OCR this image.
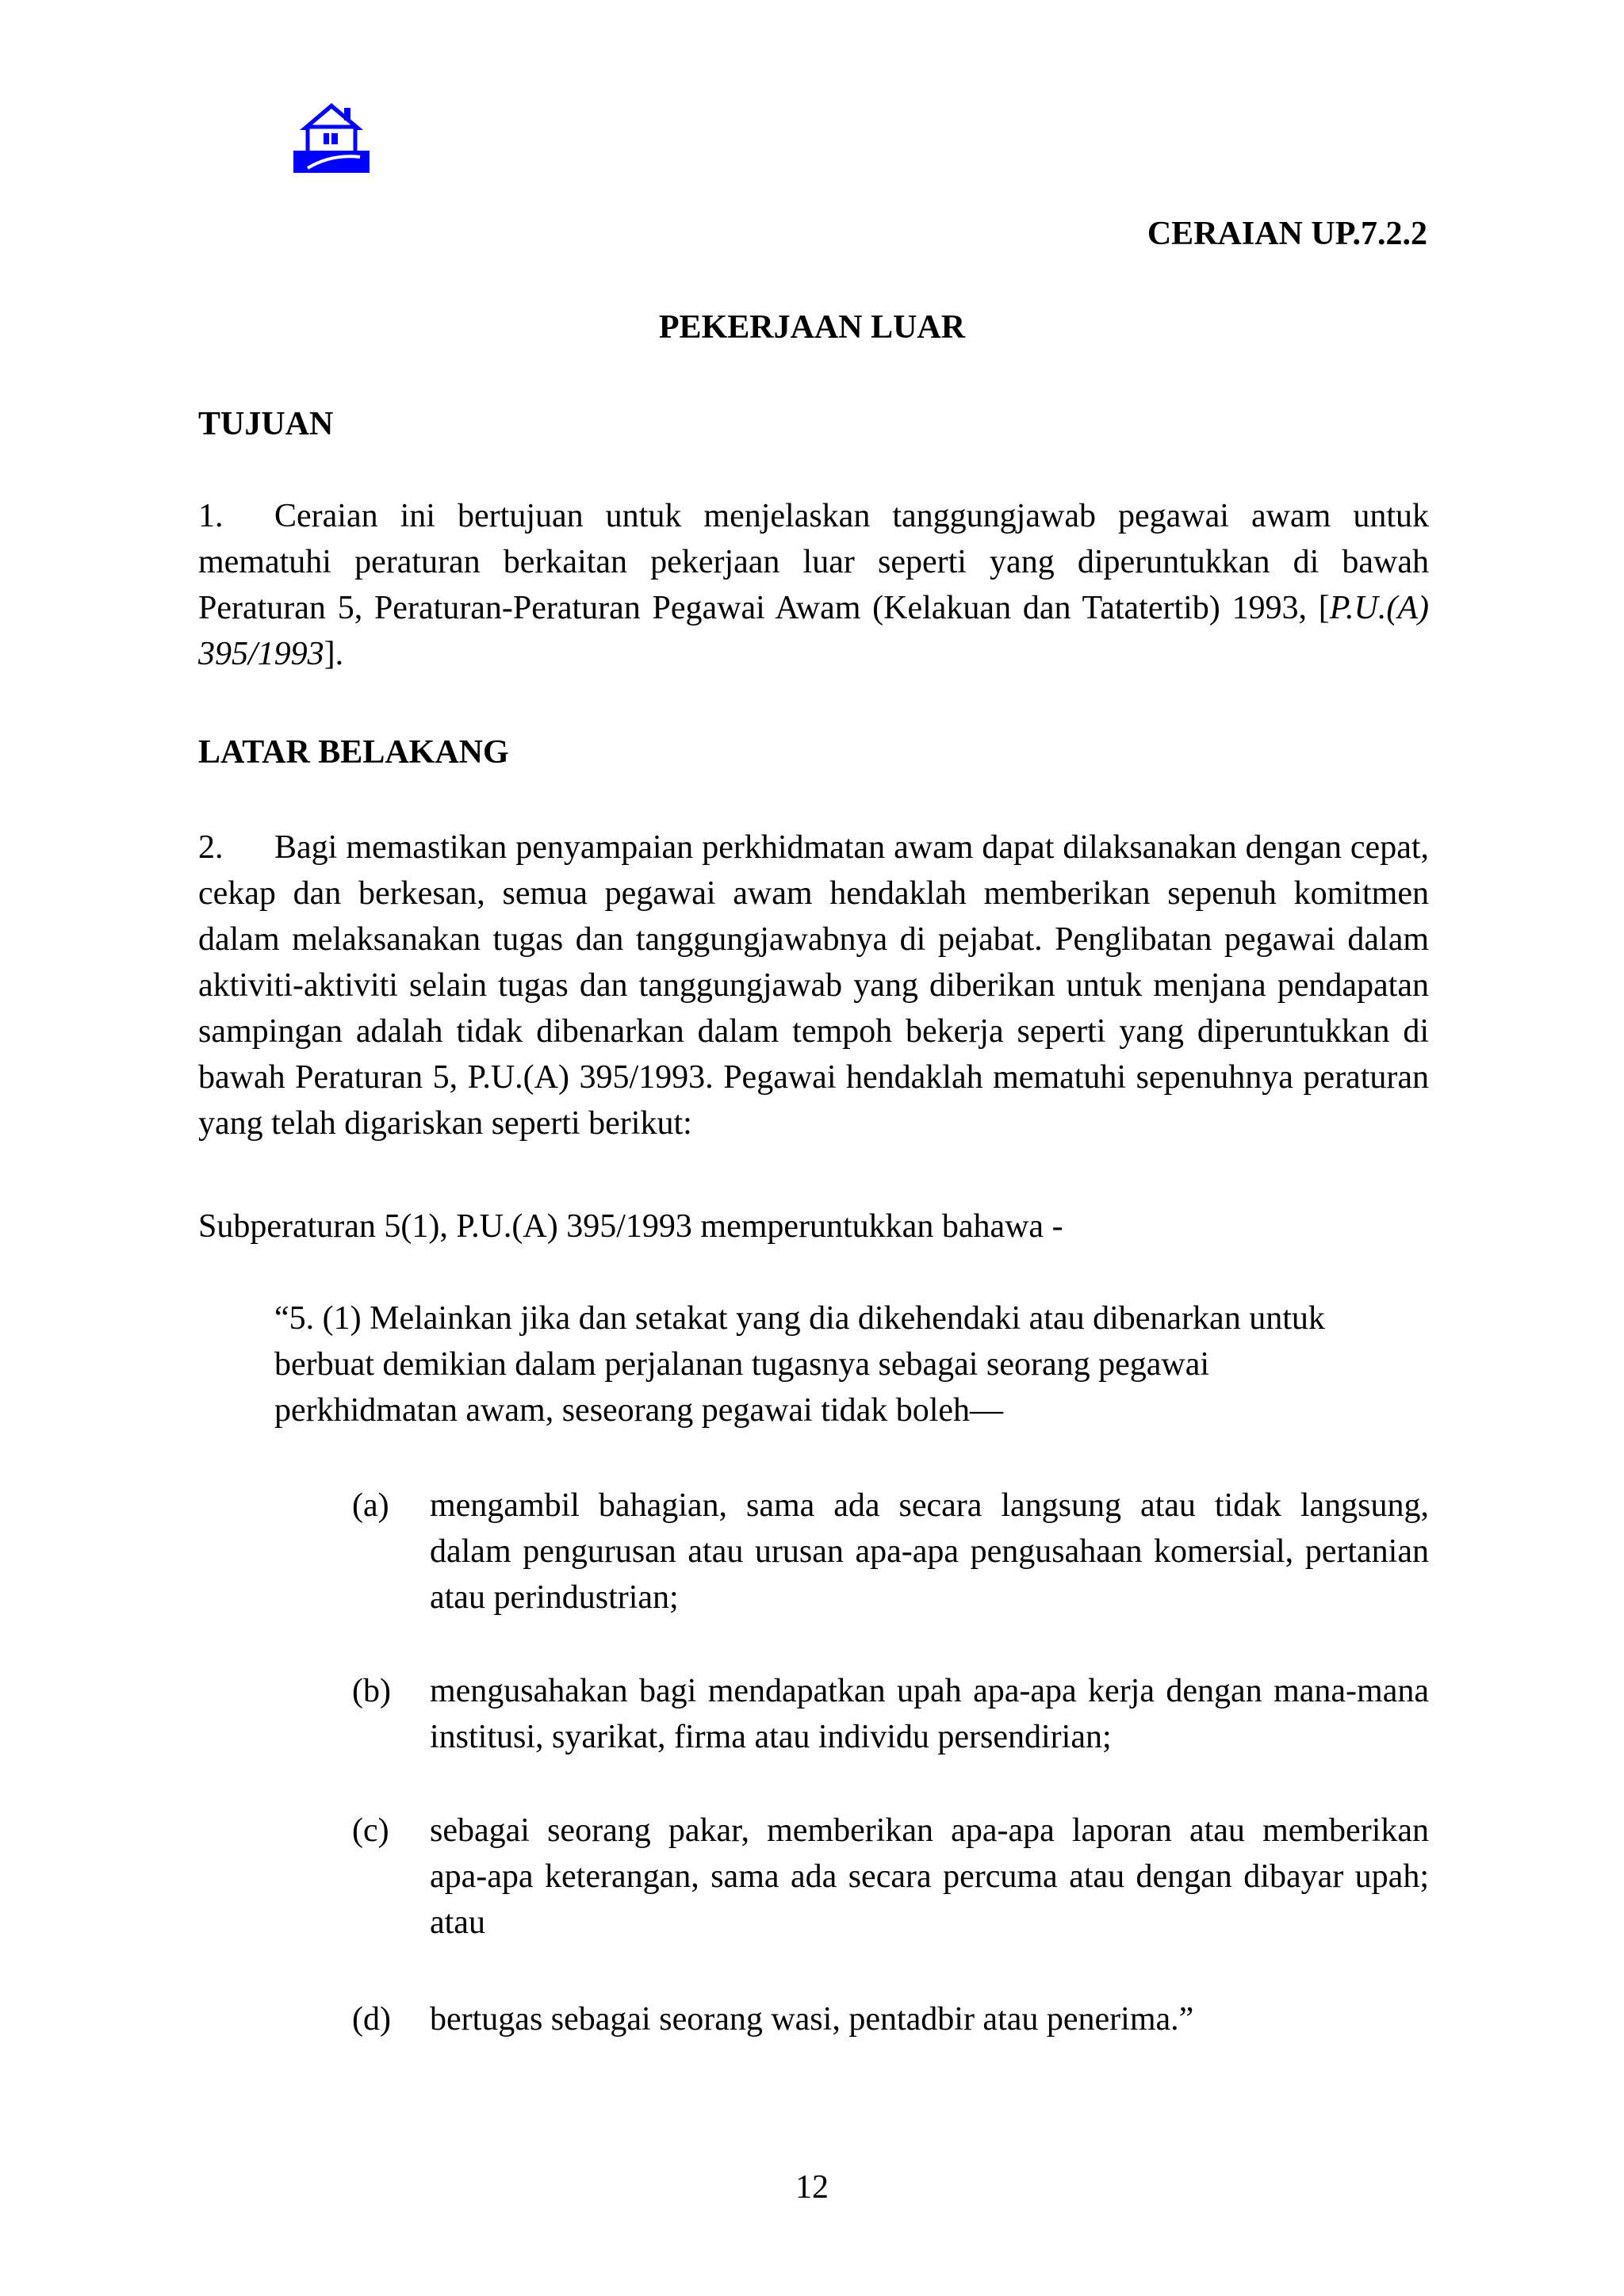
CERAIAN UP.7.2.2
PEKERJAAN LUAR
TUJUAN
1. Ceraian ini bertujuan untuk menjelaskan tanggungjawab pegawai awam untuk mematuhi peraturan berkaitan pekerjaan luar seperti yang diperuntukkan di bawah Peraturan 5, Peraturan-Peraturan Pegawai Awam (Kelakuan dan Tatatertib) 1993, [P.U.(A) 395/1993].
LATAR BELAKANG
2. Bagi memastikan penyampaian perkhidmatan awam dapat dilaksanakan dengan cepat, cekap dan berkesan, semua pegawai awam hendaklah memberikan sepenuh komitmen dalam melaksanakan tugas dan tanggungjawabnya di pejabat. Penglibatan pegawai dalam aktiviti-aktiviti selain tugas dan tanggungjawab yang diberikan untuk menjana pendapatan sampingan adalah tidak dibenarkan dalam tempoh bekerja seperti yang diperuntukkan di bawah Peraturan 5, P.U.(A) 395/1993. Pegawai hendaklah mematuhi sepenuhnya peraturan yang telah digariskan seperti berikut:
Subperaturan 5(1), P.U.(A) 395/1993 memperuntukkan bahawa -
“5. (1) Melainkan jika dan setakat yang dia dikehendaki atau dibenarkan untuk
berbuat demikian dalam perjalanan tugasnya sebagai seorang pegawai
perkhidmatan awam, seseorang pegawai tidak boleh—
(a)	mengambil bahagian, sama ada secara langsung atau tidak langsung, dalam pengurusan atau urusan apa-apa pengusahaan komersial, pertanian atau perindustrian;
(b)	mengusahakan bagi mendapatkan upah apa-apa kerja dengan mana-mana institusi, syarikat, firma atau individu persendirian;
(c)	sebagai seorang pakar, memberikan apa-apa laporan atau memberikan apa-apa keterangan, sama ada secara percuma atau dengan dibayar upah; atau
(d)	bertugas sebagai seorang wasi, pentadbir atau penerima.”
12
